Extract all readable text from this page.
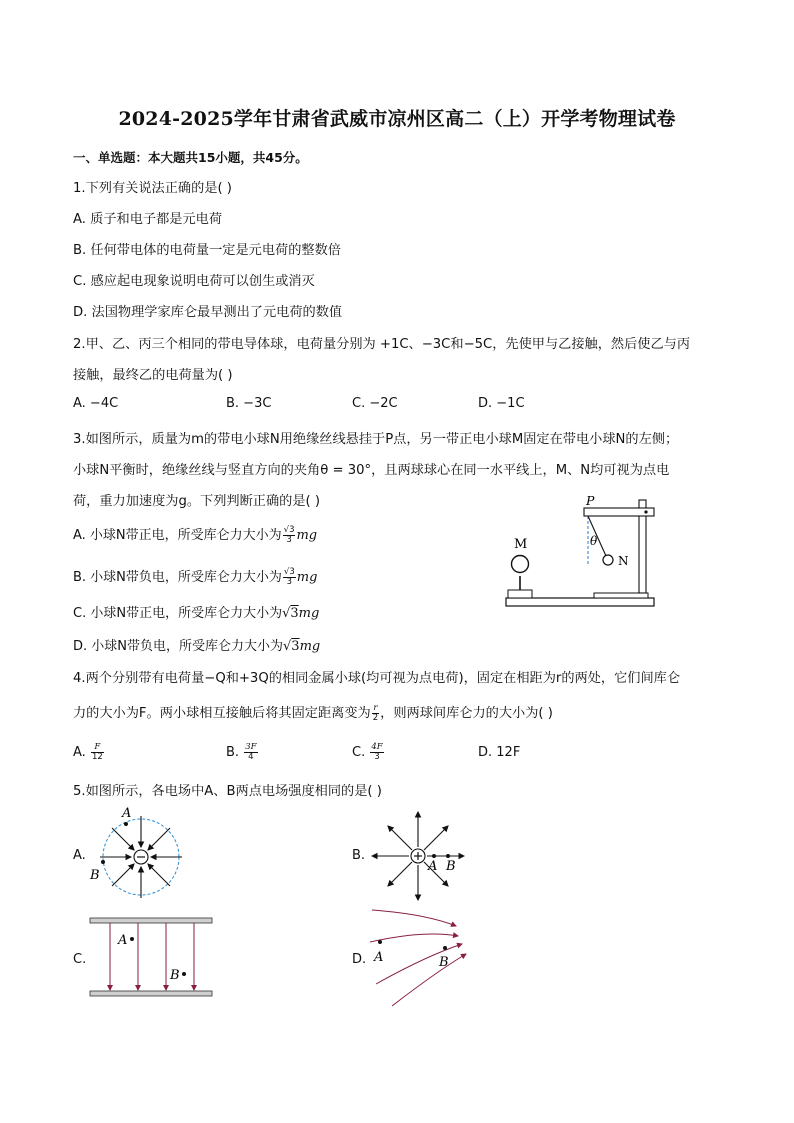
2024-2025学年甘肃省武威市凉州区高二（上）开学考物理试卷
一、单选题：本大题共15小题，共45分。
1.下列有关说法正确的是( )
A. 质子和电子都是元电荷
B. 任何带电体的电荷量一定是元电荷的整数倍
C. 感应起电现象说明电荷可以创生或消灭
D. 法国物理学家库仑最早测出了元电荷的数值
2.甲、乙、丙三个相同的带电导体球，电荷量分别为 +1C、−3C和−5C，先使甲与乙接触，然后使乙与丙
接触，最终乙的电荷量为( )
A. −4C	B. −3C	C. −2C	D. −1C
3.如图所示，质量为m的带电小球N用绝缘丝线悬挂于P点，另一带正电小球M固定在带电小球N的左侧；
小球N平衡时，绝缘丝线与竖直方向的夹角θ = 30°，且两球球心在同一水平线上，M、N均可视为点电
荷，重力加速度为g。下列判断正确的是( )
A. 小球N带正电，所受库仑力大小为 $\frac{√3}{3}$ mg
B. 小球N带负电，所受库仑力大小为 $\frac{√3}{3}$ mg
C. 小球N带正电，所受库仑力大小为√3mg
D. 小球N带负电，所受库仑力大小为√3mg
M
P
θ
N
4.两个分别带有电荷量−Q和+3Q的相同金属小球(均可视为点电荷)，固定在相距为r的两处，它们间库仑
力的大小为F。两小球相互接触后将其固定距离变为 $\frac{r}{2}$ ，则两球间库仑力的大小为( )
A. $\frac{F}{12}$	B. $\frac{3F}{4}$	C. $\frac{4F}{3}$	D. 12F
5.如图所示，各电场中A、B两点电场强度相同的是( )
A.
A
B
B.
A B
C.
A
B
D. A	B
